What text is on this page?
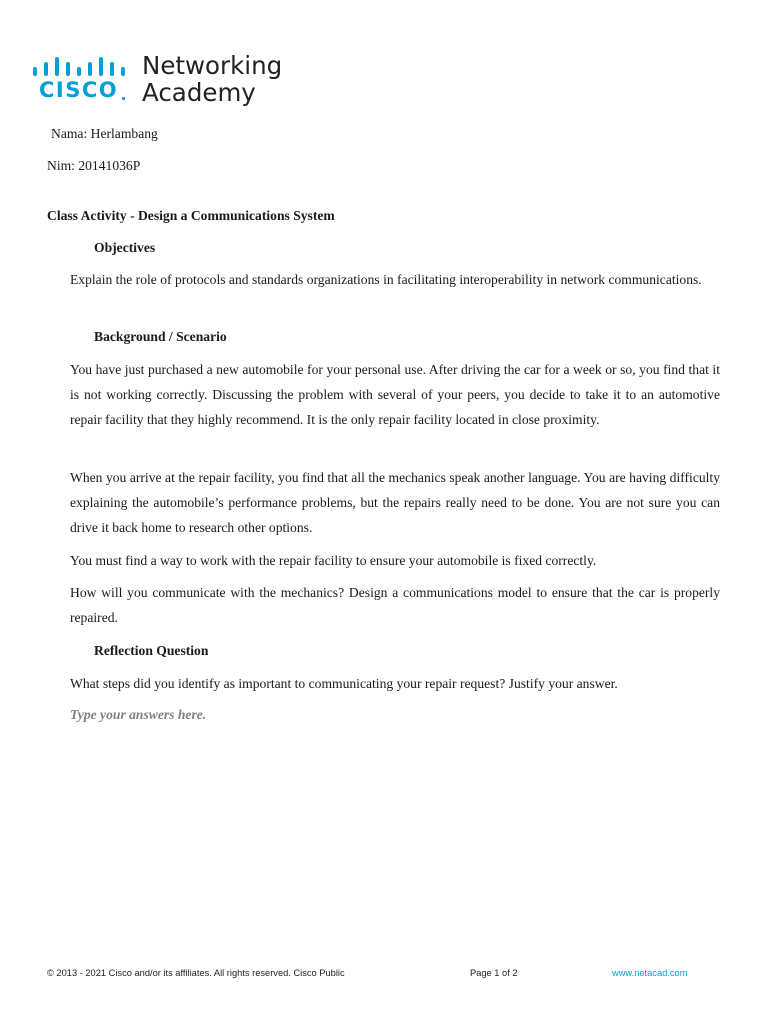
CISCO
Networking
Academy
Nama: Herlambang
Nim: 20141036P
Class Activity - Design a Communications System
Objectives
Explain the role of protocols and standards organizations in facilitating interoperability in network communications.
Background / Scenario
You have just purchased a new automobile for your personal use. After driving the car for a week or so, you find that it is not working correctly. Discussing the problem with several of your peers, you decide to take it to an automotive repair facility that they highly recommend. It is the only repair facility located in close proximity.
When you arrive at the repair facility, you find that all the mechanics speak another language. You are having difficulty explaining the automobile’s performance problems, but the repairs really need to be done. You are not sure you can drive it back home to research other options.
You must find a way to work with the repair facility to ensure your automobile is fixed correctly.
How will you communicate with the mechanics? Design a communications model to ensure that the car is properly repaired.
Reflection Question
What steps did you identify as important to communicating your repair request? Justify your answer.
Type your answers here.
© 2013 - 2021 Cisco and/or its affiliates. All rights reserved. Cisco Public	Page 1 of 2	www.netacad.com
